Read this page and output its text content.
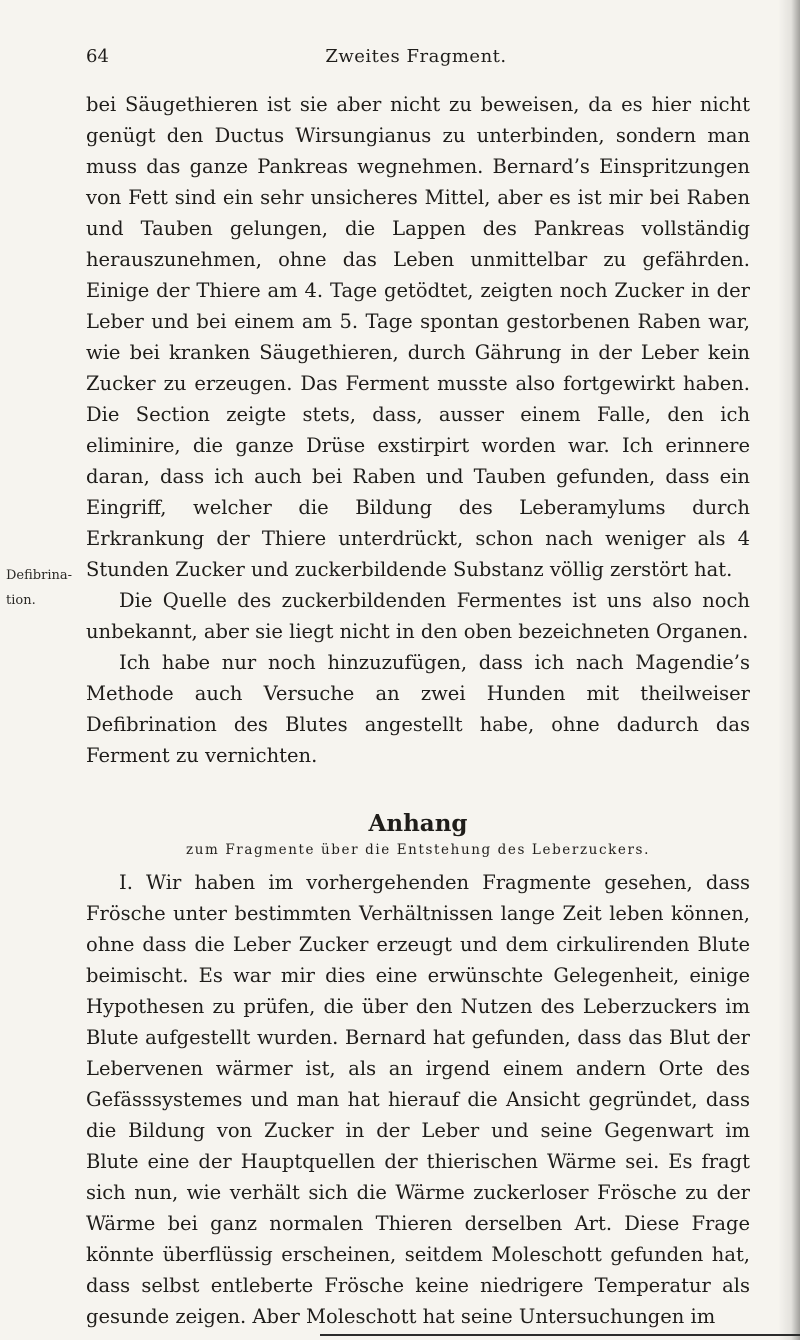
64	Zweites Fragment.
Defibrina-
tion.

bei Säugethieren ist sie aber nicht zu beweisen, da es hier nicht genügt den Ductus Wirsungianus zu unterbinden, sondern man muss das ganze Pankreas wegnehmen. Bernard’s Einspritzungen von Fett sind ein sehr unsicheres Mittel, aber es ist mir bei Raben und Tauben gelungen, die Lappen des Pankreas vollständig herauszunehmen, ohne das Leben unmittelbar zu gefährden. Einige der Thiere am 4. Tage getödtet, zeigten noch Zucker in der Leber und bei einem am 5. Tage spontan gestorbenen Raben war, wie bei kranken Säugethieren, durch Gährung in der Leber kein Zucker zu erzeugen. Das Ferment musste also fortgewirkt haben. Die Section zeigte stets, dass, ausser einem Falle, den ich eliminire, die ganze Drüse exstirpirt worden war. Ich erinnere daran, dass ich auch bei Raben und Tauben gefunden, dass ein Eingriff, welcher die Bildung des Leberamylums durch Erkrankung der Thiere unterdrückt, schon nach weniger als 4 Stunden Zucker und zuckerbildende Substanz völlig zerstört hat.

Die Quelle des zuckerbildenden Fermentes ist uns also noch unbekannt, aber sie liegt nicht in den oben bezeichneten Organen.

Ich habe nur noch hinzuzufügen, dass ich nach Magendie’s Methode auch Versuche an zwei Hunden mit theilweiser Defibrination des Blutes angestellt habe, ohne dadurch das Ferment zu vernichten.

Anhang
zum Fragmente über die Entstehung des Leberzuckers.

I. Wir haben im vorhergehenden Fragmente gesehen, dass Frösche unter bestimmten Verhältnissen lange Zeit leben können, ohne dass die Leber Zucker erzeugt und dem cirkulirenden Blute beimischt. Es war mir dies eine erwünschte Gelegenheit, einige Hypothesen zu prüfen, die über den Nutzen des Leberzuckers im Blute aufgestellt wurden. Bernard hat gefunden, dass das Blut der Lebervenen wärmer ist, als an irgend einem andern Orte des Gefässsystemes und man hat hierauf die Ansicht gegründet, dass die Bildung von Zucker in der Leber und seine Gegenwart im Blute eine der Hauptquellen der thierischen Wärme sei. Es fragt sich nun, wie verhält sich die Wärme zuckerloser Frösche zu der Wärme bei ganz normalen Thieren derselben Art. Diese Frage könnte überflüssig erscheinen, seitdem Moleschott gefunden hat, dass selbst entleberte Frösche keine niedrigere Temperatur als gesunde zeigen. Aber Moleschott hat seine Untersuchungen im
